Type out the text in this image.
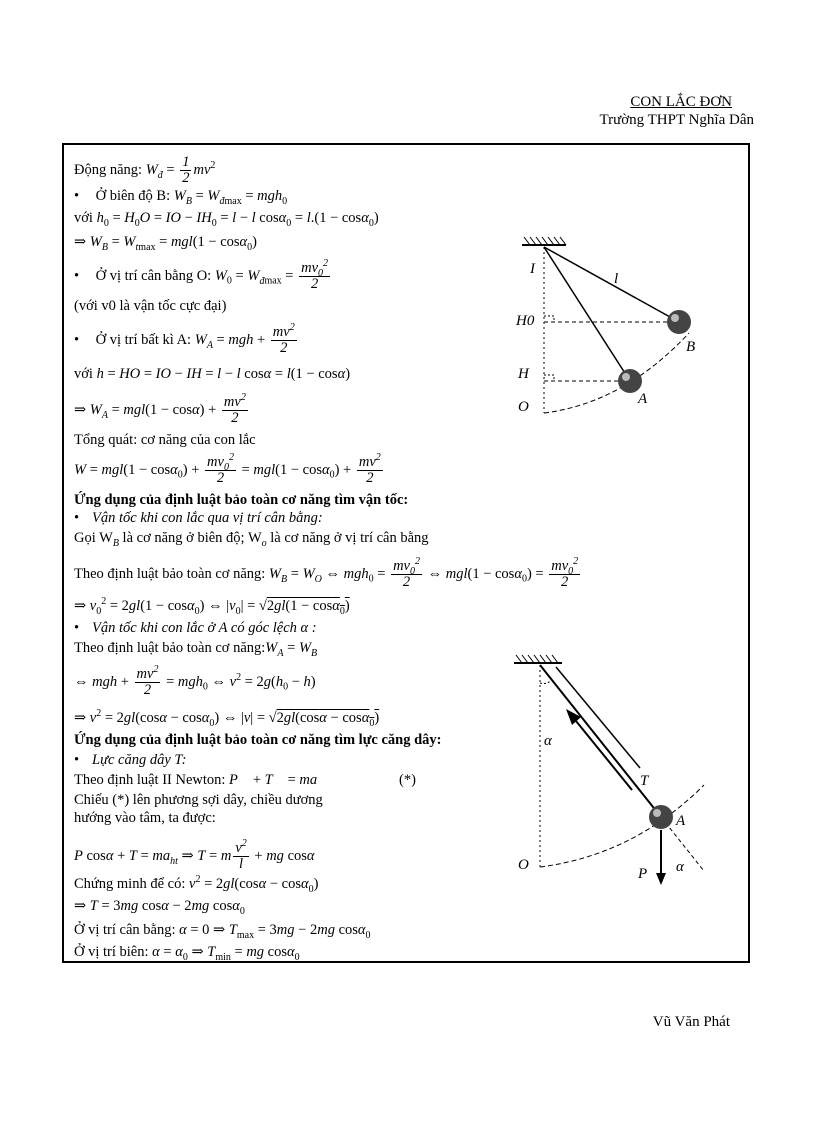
CON LẮC ĐƠN
Trường THPT Nghĩa Dân
Động năng: $W_đ = \frac{1}{2} mv^2$
• Ở biên độ B: $W_B = W_{đmax} = mgh_0$
với $h_0 = H_0O$ = IO − $IH_0 = l - l$ cosα$_0$ = l.(1 − cosα$_0$)
⇒ $W_B = W_{tmax} = mgl(1 - \cos\alpha_0)$
• Ở vị trí cân bằng O: $W_0 = W_{đmax} = \frac{mv_0^2}{2}$
(với v0 là vận tốc cực đại)
• Ở vị trí bất kì A: $W_A$ = mgh + $\frac{mv^2}{2}$
với h = HO = IO − IH = l − l cosα = l(1 − cosα)
⇒ $W_A = mgl(1 - \cos\alpha) + \frac{mv^2}{2}$
Tổng quát: cơ năng của con lắc
$W = mgl(1 - \cos\alpha_0) + \frac{mv_0^2}{2} = mgl(1 - \cos\alpha_0) + \frac{mv^2}{2}$
Ứng dụng của định luật bảo toàn cơ năng tìm vận tốc:
• Vận tốc khi con lắc qua vị trí cân bằng:
Gọi $W_B$ là cơ năng ở biên độ; $W_o$ là cơ năng ở vị trí cân bằng
Theo định luật bảo toàn cơ năng: $W_B = W_O$ ⇔ $mgh_0 = \frac{mv_0^2}{2}$ ⇔ $mgl(1 - \cos\alpha_0) = \frac{mv_0^2}{2}$
⇒ $v_0^2 = 2gl(1 - \cos\alpha_0)$ ⇔ $|v_0| = √2gl(1 - \cos\alpha_0)$
• Vận tốc khi con lắc ở A có góc lệch α :
Theo định luật bảo toàn cơ $năng:W_A = W_B$
⇔ mgh + $\frac{mv^2}{2} = mgh_0$ ⇔ $v^2 = 2g(h_0 - h)$
⇒ $v^2 = 2gl(\cos\alpha - \cos\alpha_0)$ ⇔ |v| = √2gl(cosα − cosα$_0$)
Ứng dụng của định luật bảo toàn cơ năng tìm lực căng dây:
• Lực căng dây T:
Theo định luật II Newton: P⃗ + T⃗ = ma⃗	(*)
Chiếu (*) lên phương sợi dây, chiều dương
hướng vào tâm, ta được:
P $\cos\alpha + T = ma_{ht}$ ⇒ T = m $\frac{v^2}{l}$ + mg cosα
Chứng minh để có: $v^2 = 2gl(\cos\alpha - \cos\alpha_0)$
⇒ T = 3mg cosα − 2mg cosα$_0$
Ở vị trí cân bằng: α = 0 ⇒ $T_{max} = 3mg - 2mg$ cosα$_0$
Ở vị trí biên: $\alpha = \alpha_0$ ⇒ $T_{min}$ = mg cosα$_0$
I
l
H0
B
H
A
O
α
T
A
O
P α
Vũ Văn Phát
